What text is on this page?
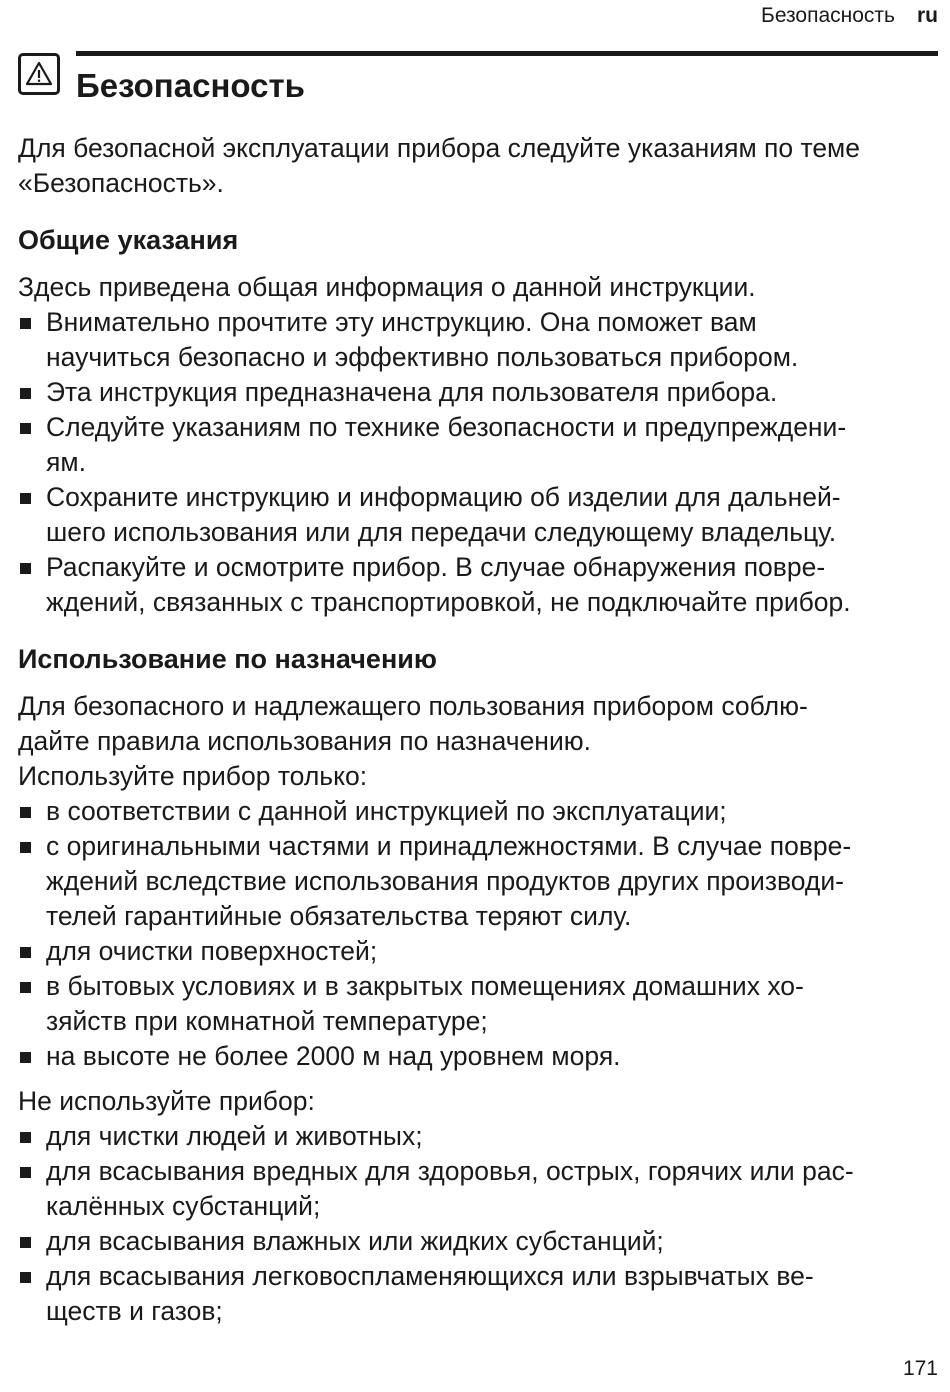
Безопасность ru
Безопасность

Для безопасной эксплуатации прибора следуйте указаниям по теме
«Безопасность».

Общие указания

Здесь приведена общая информация о данной инструкции.

Внимательно прочтите эту инструкцию. Она поможет вам
научиться безопасно и эффективно пользоваться прибором.
Эта инструкция предназначена для пользователя прибора.
Следуйте указаниям по технике безопасности и предупреждени-
ям.
Сохраните инструкцию и информацию об изделии для дальней-
шего использования или для передачи следующему владельцу.
Распакуйте и осмотрите прибор. В случае обнаружения повре-
ждений, связанных с транспортировкой, не подключайте прибор.
Использование по назначению

Для безопасного и надлежащего пользования прибором соблю-
дайте правила использования по назначению.
Используйте прибор только:

в соответствии с данной инструкцией по эксплуатации;
с оригинальными частями и принадлежностями. В случае повре-
ждений вследствие использования продуктов других производи-
телей гарантийные обязательства теряют силу.
для очистки поверхностей;
в бытовых условиях и в закрытых помещениях домашних хо-
зяйств при комнатной температуре;
на высоте не более 2000 м над уровнем моря.

Не используйте прибор:

для чистки людей и животных;
для всасывания вредных для здоровья, острых, горячих или рас-
калённых субстанций;
для всасывания влажных или жидких субстанций;
для всасывания легковоспламеняющихся или взрывчатых ве-
ществ и газов;
171
